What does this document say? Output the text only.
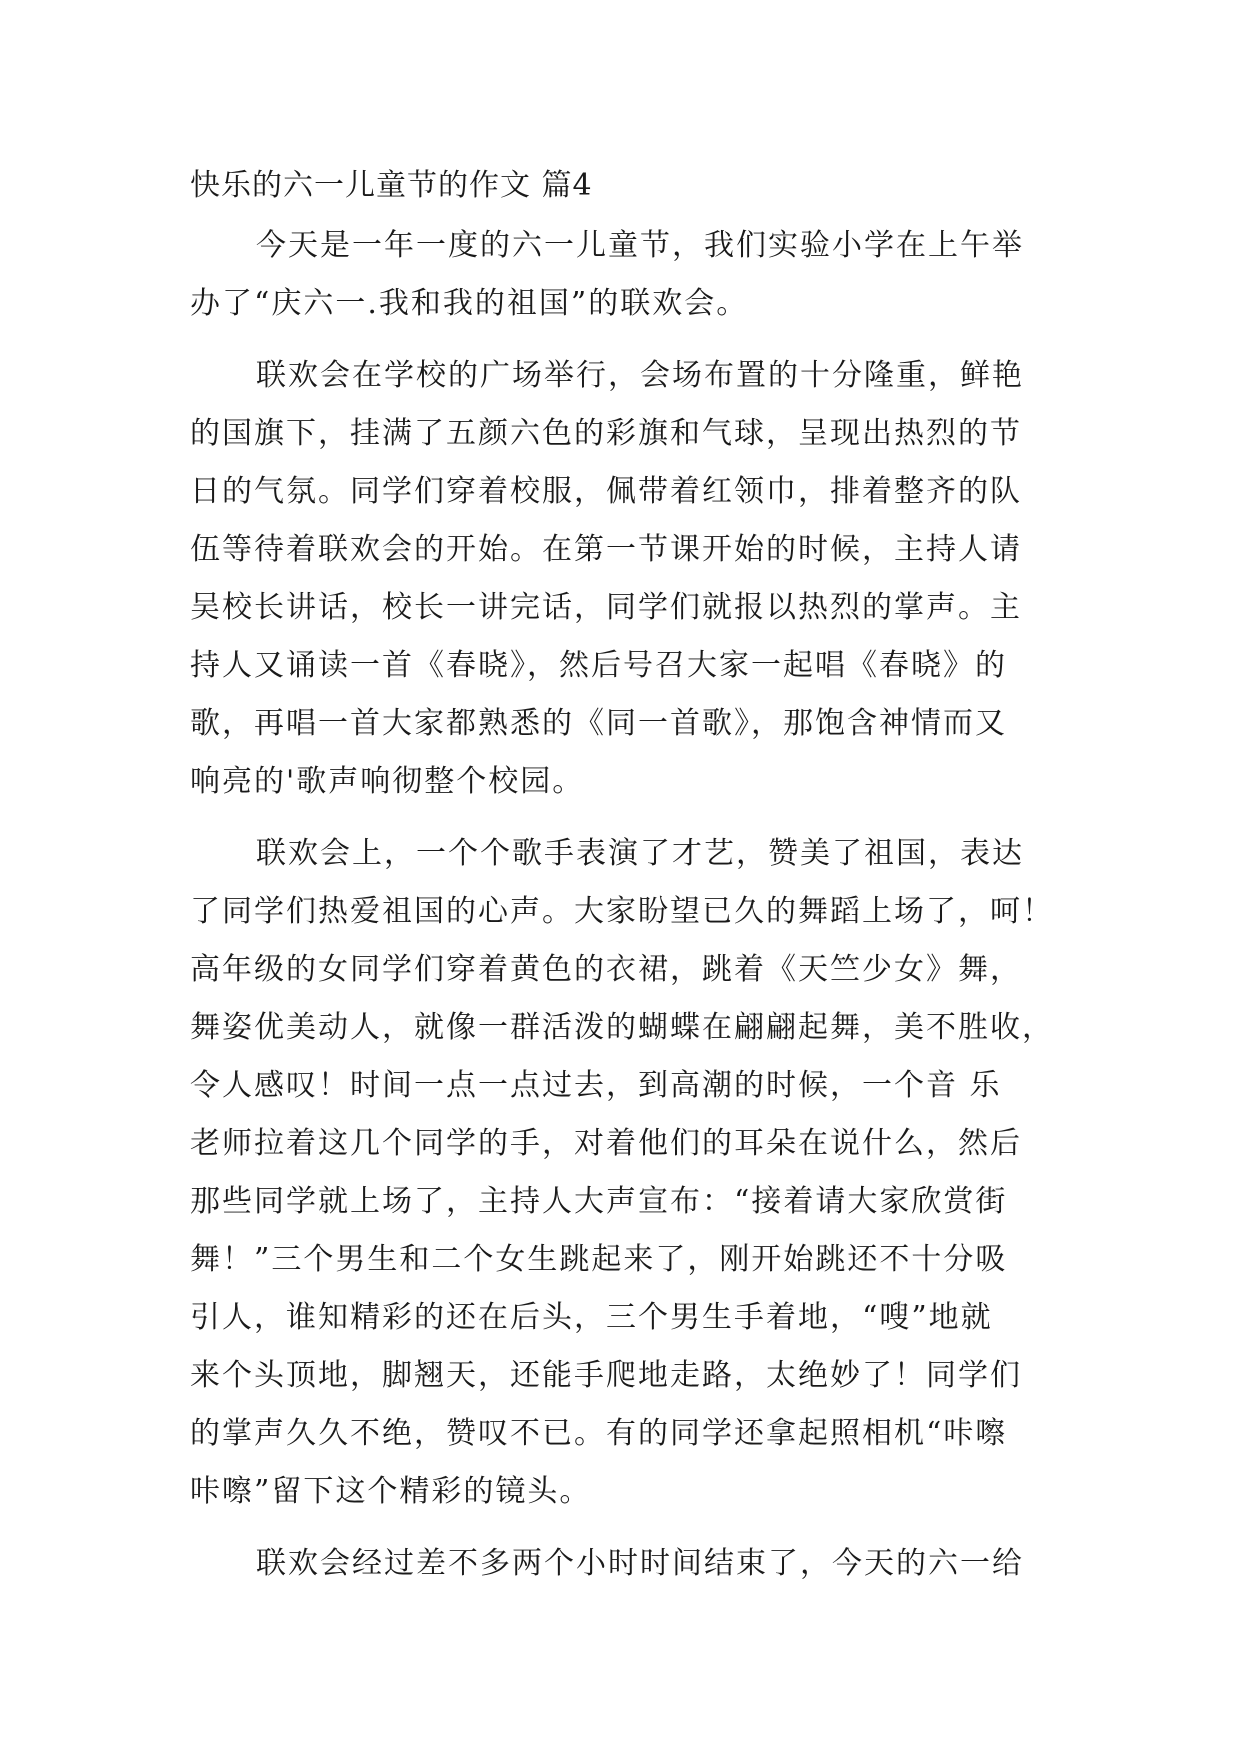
快乐的六一儿童节的作文 篇4
今天是一年一度的六一儿童节，我们实验小学在上午举
办了“庆六一.我和我的祖国”的联欢会。
联欢会在学校的广场举行，会场布置的十分隆重，鲜艳
的国旗下，挂满了五颜六色的彩旗和气球，呈现出热烈的节
日的气氛。同学们穿着校服，佩带着红领巾，排着整齐的队
伍等待着联欢会的开始。在第一节课开始的时候，主持人请
吴校长讲话，校长一讲完话，同学们就报以热烈的掌声。主
持人又诵读一首《春晓》，然后号召大家一起唱《春晓》的
歌，再唱一首大家都熟悉的《同一首歌》，那饱含神情而又
响亮的'歌声响彻整个校园。
联欢会上，一个个歌手表演了才艺，赞美了祖国，表达
了同学们热爱祖国的心声。大家盼望已久的舞蹈上场了，呵！
高年级的女同学们穿着黄色的衣裙，跳着《天竺少女》舞，
舞姿优美动人，就像一群活泼的蝴蝶在翩翩起舞，美不胜收，
令人感叹！时间一点一点过去，到高潮的时候，一个音 乐
老师拉着这几个同学的手，对着他们的耳朵在说什么，然后
那些同学就上场了，主持人大声宣布：“接着请大家欣赏街
舞！”三个男生和二个女生跳起来了，刚开始跳还不十分吸
引人，谁知精彩的还在后头，三个男生手着地，“嗖”地就
来个头顶地，脚翘天，还能手爬地走路，太绝妙了！同学们
的掌声久久不绝，赞叹不已。有的同学还拿起照相机“咔嚓
咔嚓”留下这个精彩的镜头。
联欢会经过差不多两个小时时间结束了，今天的六一给
